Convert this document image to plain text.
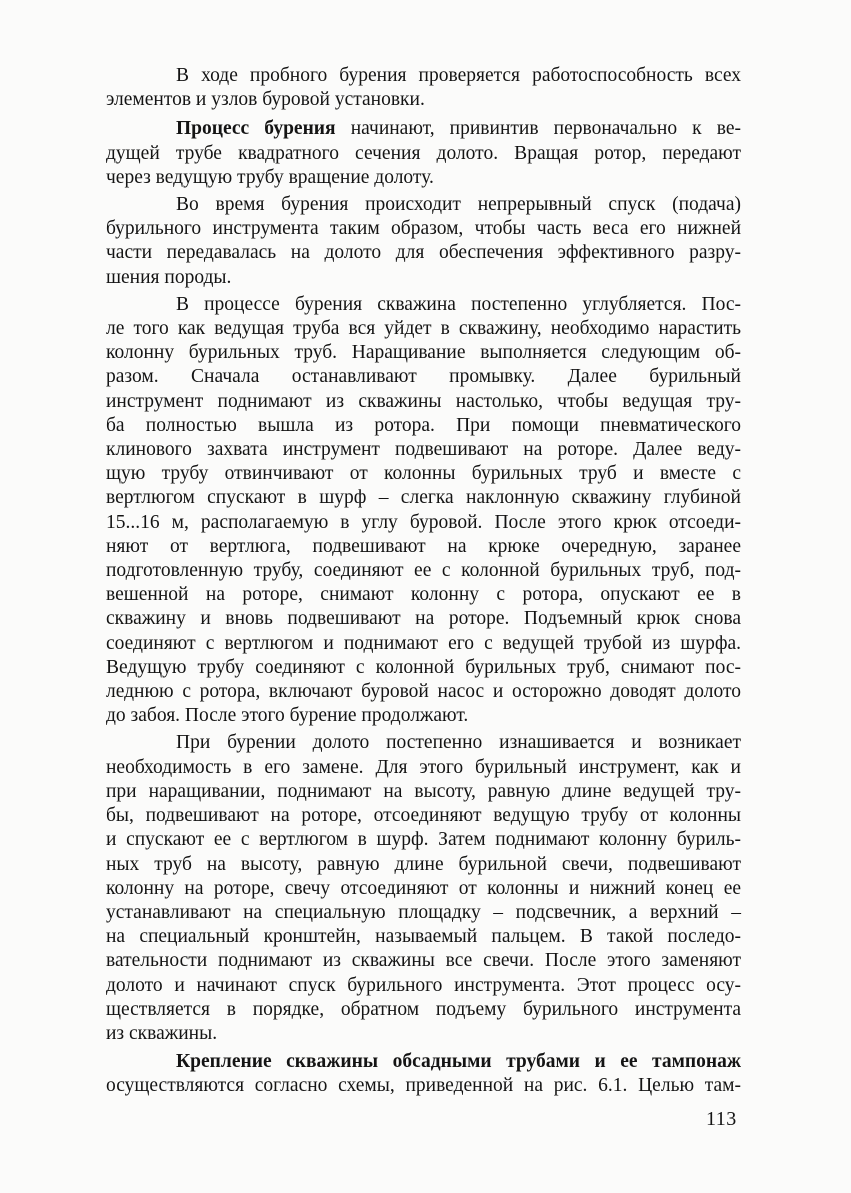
В ходе пробного бурения проверяется работоспособность всех
элементов и узлов буровой установки.

Процесс бурения начинают, привинтив первоначально к ве-
дущей трубе квадратного сечения долото. Вращая ротор, передают
через ведущую трубу вращение долоту.

Во время бурения происходит непрерывный спуск (подача)
бурильного инструмента таким образом, чтобы часть веса его нижней
части передавалась на долото для обеспечения эффективного разру-
шения породы.

В процессе бурения скважина постепенно углубляется. Пос-
ле того как ведущая труба вся уйдет в скважину, необходимо нарастить
колонну бурильных труб. Наращивание выполняется следующим об-
разом. Сначала останавливают промывку. Далее бурильный
инструмент поднимают из скважины настолько, чтобы ведущая тру-
ба полностью вышла из ротора. При помощи пневматического
клинового захвата инструмент подвешивают на роторе. Далее веду-
щую трубу отвинчивают от колонны бурильных труб и вместе с
вертлюгом спускают в шурф – слегка наклонную скважину глубиной
15...16 м, располагаемую в углу буровой. После этого крюк отсоеди-
няют от вертлюга, подвешивают на крюке очередную, заранее
подготовленную трубу, соединяют ее с колонной бурильных труб, под-
вешенной на роторе, снимают колонну с ротора, опускают ее в
скважину и вновь подвешивают на роторе. Подъемный крюк снова
соединяют с вертлюгом и поднимают его с ведущей трубой из шурфа.
Ведущую трубу соединяют с колонной бурильных труб, снимают пос-
леднюю с ротора, включают буровой насос и осторожно доводят долото
до забоя. После этого бурение продолжают.

При бурении долото постепенно изнашивается и возникает
необходимость в его замене. Для этого бурильный инструмент, как и
при наращивании, поднимают на высоту, равную длине ведущей тру-
бы, подвешивают на роторе, отсоединяют ведущую трубу от колонны
и спускают ее с вертлюгом в шурф. Затем поднимают колонну буриль-
ных труб на высоту, равную длине бурильной свечи, подвешивают
колонну на роторе, свечу отсоединяют от колонны и нижний конец ее
устанавливают на специальную площадку – подсвечник, а верхний –
на специальный кронштейн, называемый пальцем. В такой последо-
вательности поднимают из скважины все свечи. После этого заменяют
долото и начинают спуск бурильного инструмента. Этот процесс осу-
ществляется в порядке, обратном подъему бурильного инструмента
из скважины.

Крепление скважины обсадными трубами и ее тампонаж
осуществляются согласно схемы, приведенной на рис. 6.1. Целью там-

113
